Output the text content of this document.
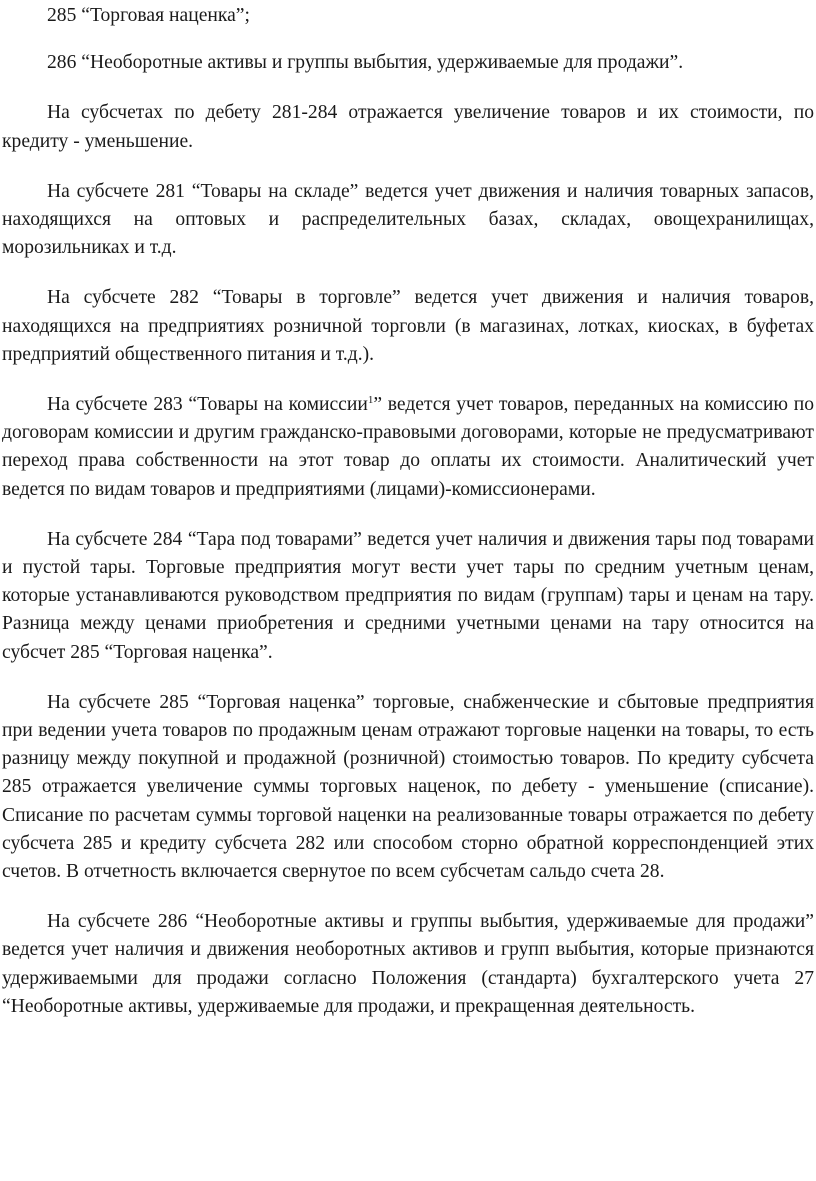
285 “Торговая наценка”;

286 “Необоротные активы и группы выбытия, удерживаемые для продажи”.

На субсчетах по дебету 281-284 отражается увеличение товаров и их стоимости, по кредиту - уменьшение.

На субсчете 281 “Товары на складе” ведется учет движения и наличия товарных запасов, находящихся на оптовых и распределительных базах, складах, овощехранилищах, морозильниках и т.д.

На субсчете 282 “Товары в торговле” ведется учет движения и наличия товаров, находящихся на предприятиях розничной торговли (в магазинах, лотках, киосках, в буфетах предприятий общественного питания и т.д.).

На субсчете 283 “Товары на комиссии$^1$” ведется учет товаров, переданных на комиссию по договорам комиссии и другим гражданско-правовыми договорами, которые не предусматривают переход права собственности на этот товар до оплаты их стоимости. Аналитический учет ведется по видам товаров и предприятиями (лицами)-комиссионерами.

На субсчете 284 “Тара под товарами” ведется учет наличия и движения тары под товарами и пустой тары. Торговые предприятия могут вести учет тары по средним учетным ценам, которые устанавливаются руководством предприятия по видам (группам) тары и ценам на тару. Разница между ценами приобретения и средними учетными ценами на тару относится на субсчет 285 “Торговая наценка”.

На субсчете 285 “Торговая наценка” торговые, снабженческие и сбытовые предприятия при ведении учета товаров по продажным ценам отражают торговые наценки на товары, то есть разницу между покупной и продажной (розничной) стоимостью товаров. По кредиту субсчета 285 отражается увеличение суммы торговых наценок, по дебету - уменьшение (списание). Списание по расчетам суммы торговой наценки на реализованные товары отражается по дебету субсчета 285 и кредиту субсчета 282 или способом сторно обратной корреспонденцией этих счетов. В отчетность включается свернутое по всем субсчетам сальдо счета 28.

На субсчете 286 “Необоротные активы и группы выбытия, удерживаемые для продажи” ведется учет наличия и движения необоротных активов и групп выбытия, которые признаются удерживаемыми для продажи согласно Положения (стандарта) бухгалтерского учета 27 “Необоротные активы, удерживаемые для продажи, и прекращенная деятельность.
